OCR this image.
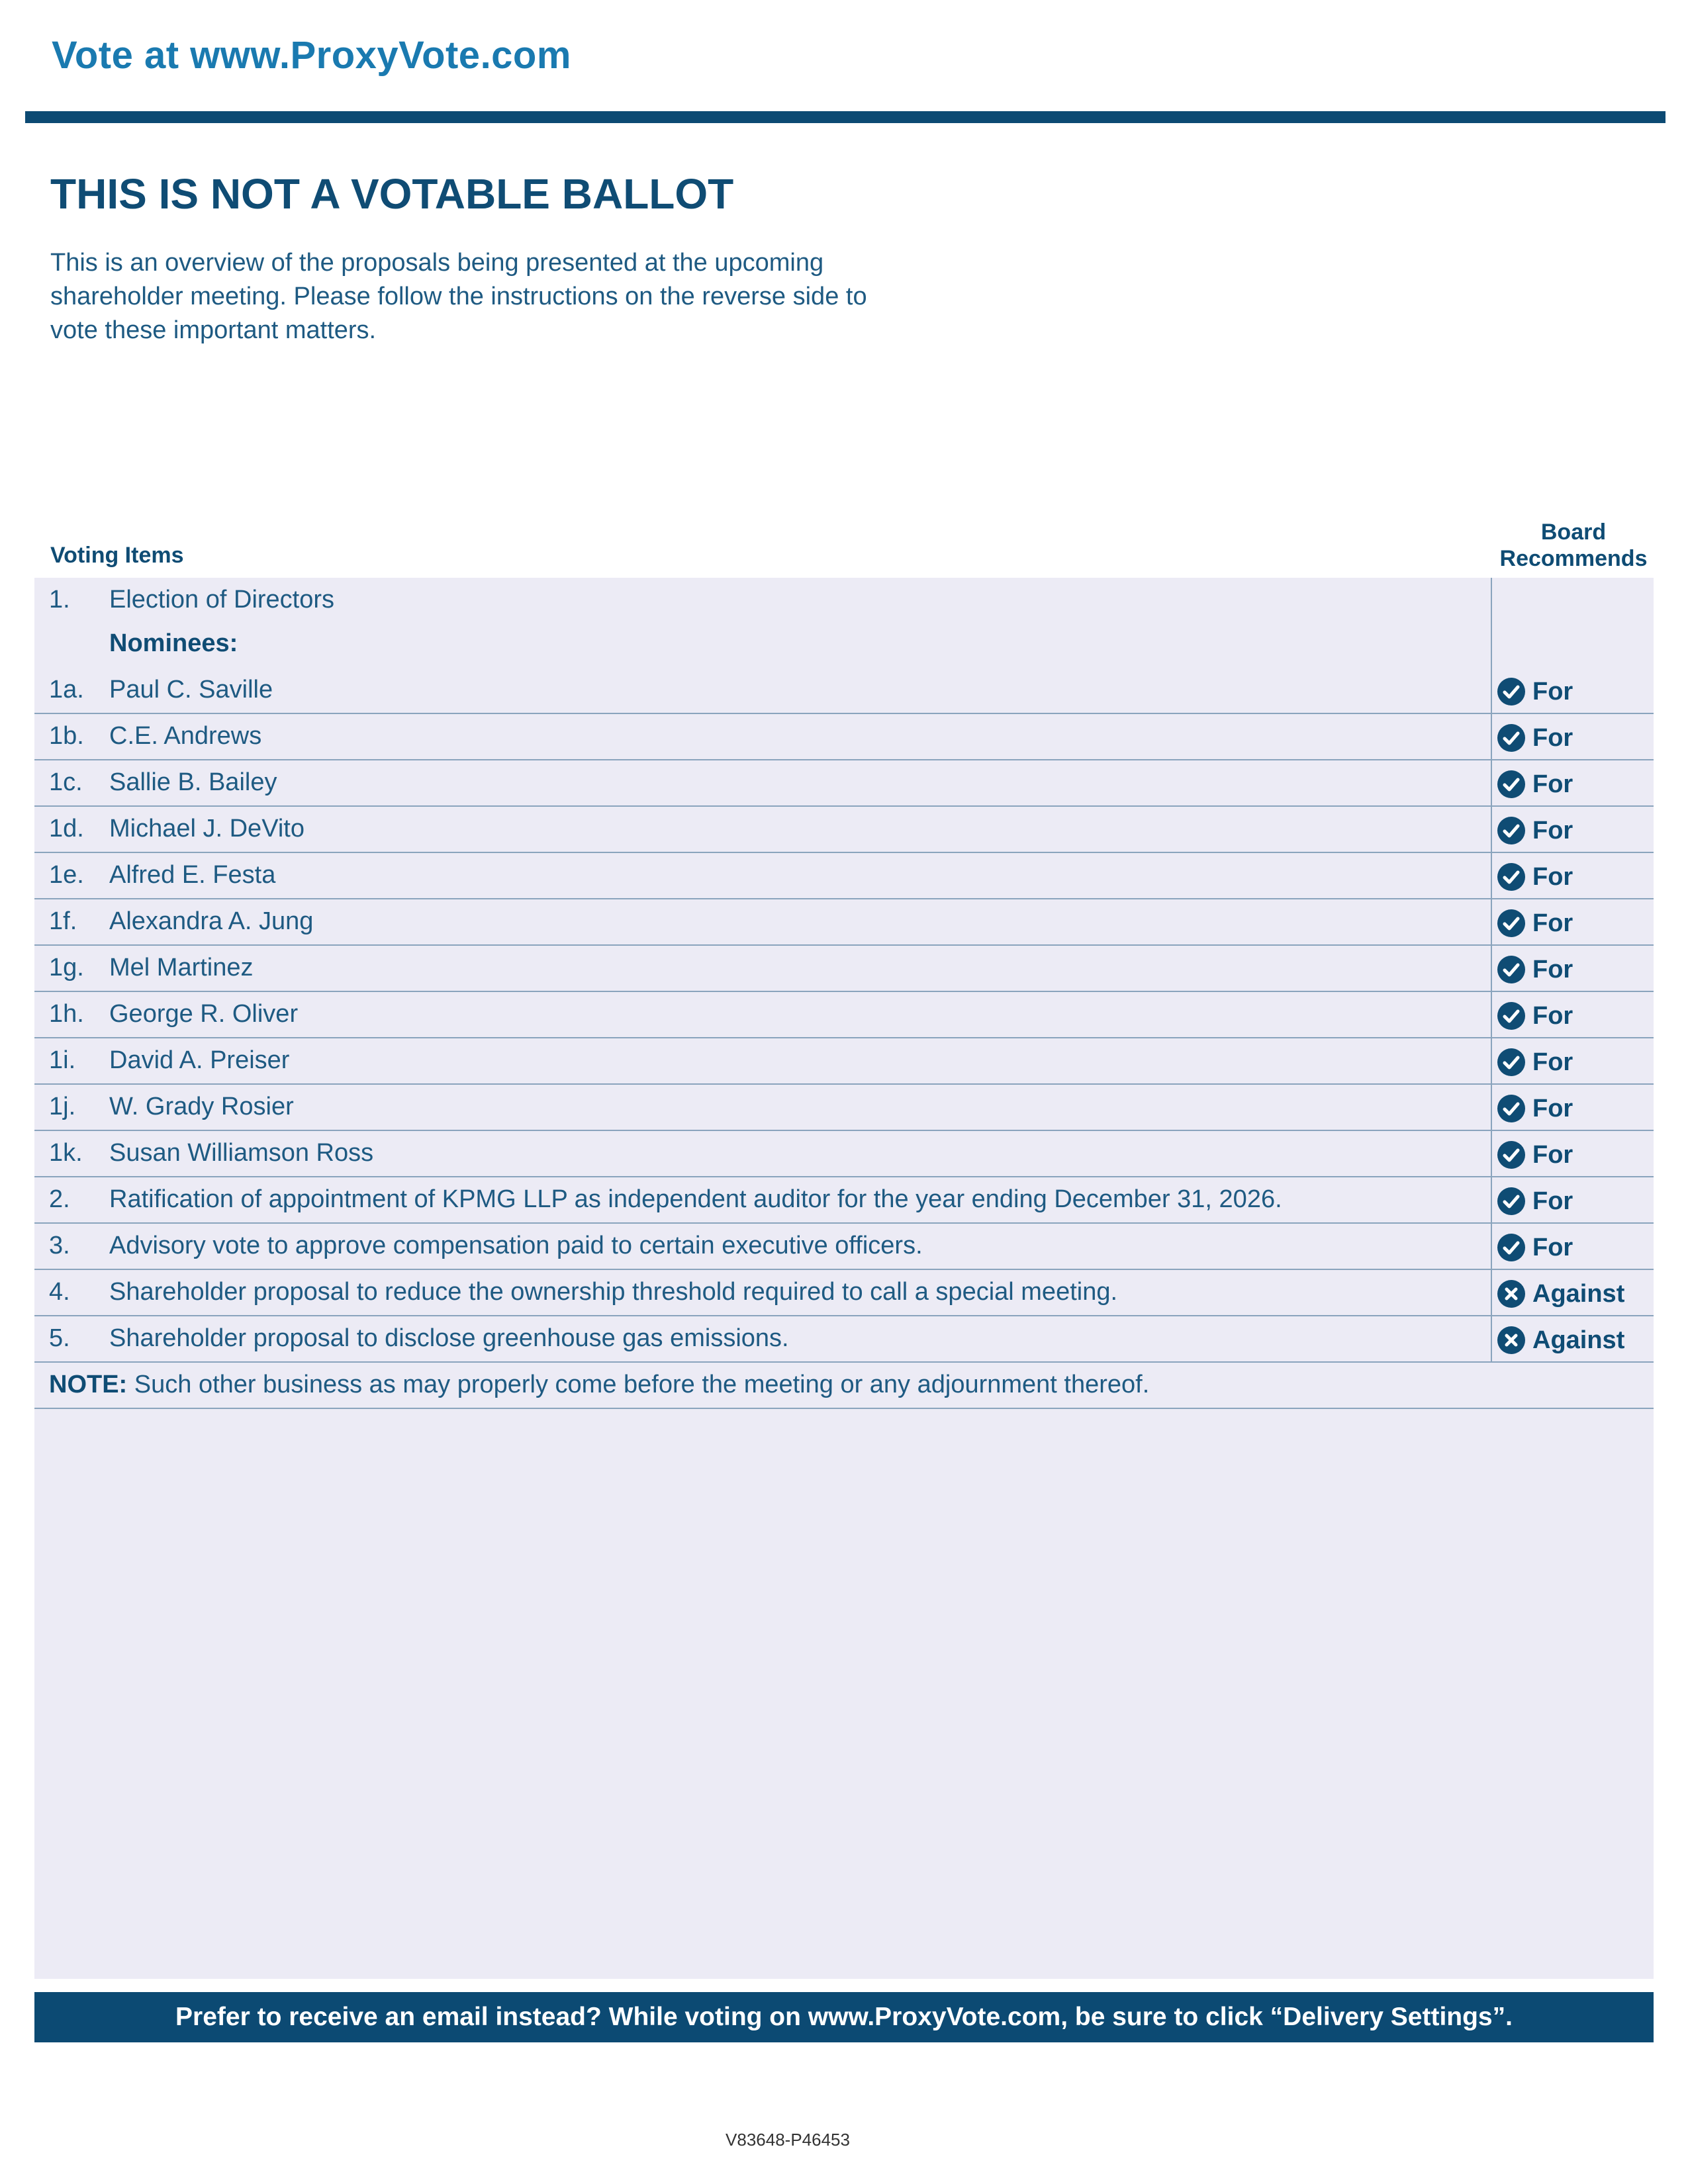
Vote at www.ProxyVote.com
THIS IS NOT A VOTABLE BALLOT
This is an overview of the proposals being presented at the upcoming shareholder meeting. Please follow the instructions on the reverse side to vote these important matters.
Voting Items
Board
Recommends
1. Election of Directors
Nominees:
1a. Paul C. Saville	For
1b. C.E. Andrews	For
1c. Sallie B. Bailey	For
1d. Michael J. DeVito	For
1e. Alfred E. Festa	For
1f. Alexandra A. Jung	For
1g. Mel Martinez	For
1h. George R. Oliver	For
1i. David A. Preiser	For
1j. W. Grady Rosier	For
1k. Susan Williamson Ross	For
2. Ratification of appointment of KPMG LLP as independent auditor for the year ending December 31, 2026.	For
3. Advisory vote to approve compensation paid to certain executive officers.	For
4. Shareholder proposal to reduce the ownership threshold required to call a special meeting.	Against
5. Shareholder proposal to disclose greenhouse gas emissions.	Against
NOTE: Such other business as may properly come before the meeting or any adjournment thereof.
Prefer to receive an email instead? While voting on www.ProxyVote.com, be sure to click “Delivery Settings”.
V83648-P46453
